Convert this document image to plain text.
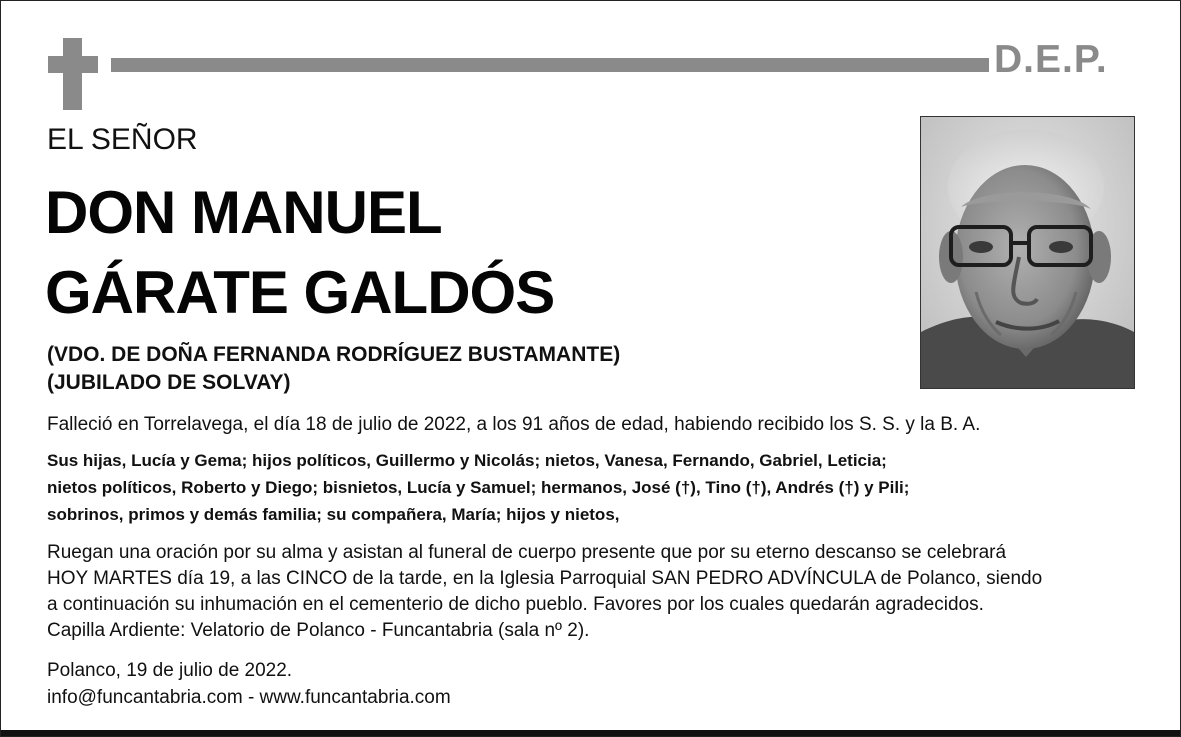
D.E.P.
EL SEÑOR
DON MANUEL
GÁRATE GALDÓS
(VDO. DE DOÑA FERNANDA RODRÍGUEZ BUSTAMANTE)
(JUBILADO DE SOLVAY)
Falleció en Torrelavega, el día 18 de julio de 2022, a los 91 años de edad, habiendo recibido los S. S. y la B. A.
Sus hijas, Lucía y Gema; hijos políticos, Guillermo y Nicolás; nietos, Vanesa, Fernando, Gabriel, Leticia;
nietos políticos, Roberto y Diego; bisnietos, Lucía y Samuel; hermanos, José (†), Tino (†), Andrés (†) y Pili;
sobrinos, primos y demás familia; su compañera, María; hijos y nietos,
Ruegan una oración por su alma y asistan al funeral de cuerpo presente que por su eterno descanso se celebrará
HOY MARTES día 19, a las CINCO de la tarde, en la Iglesia Parroquial SAN PEDRO ADVÍNCULA de Polanco, siendo
a continuación su inhumación en el cementerio de dicho pueblo. Favores por los cuales quedarán agradecidos.
Capilla Ardiente: Velatorio de Polanco - Funcantabria (sala nº 2).
Polanco, 19 de julio de 2022.
info@funcantabria.com - www.funcantabria.com
